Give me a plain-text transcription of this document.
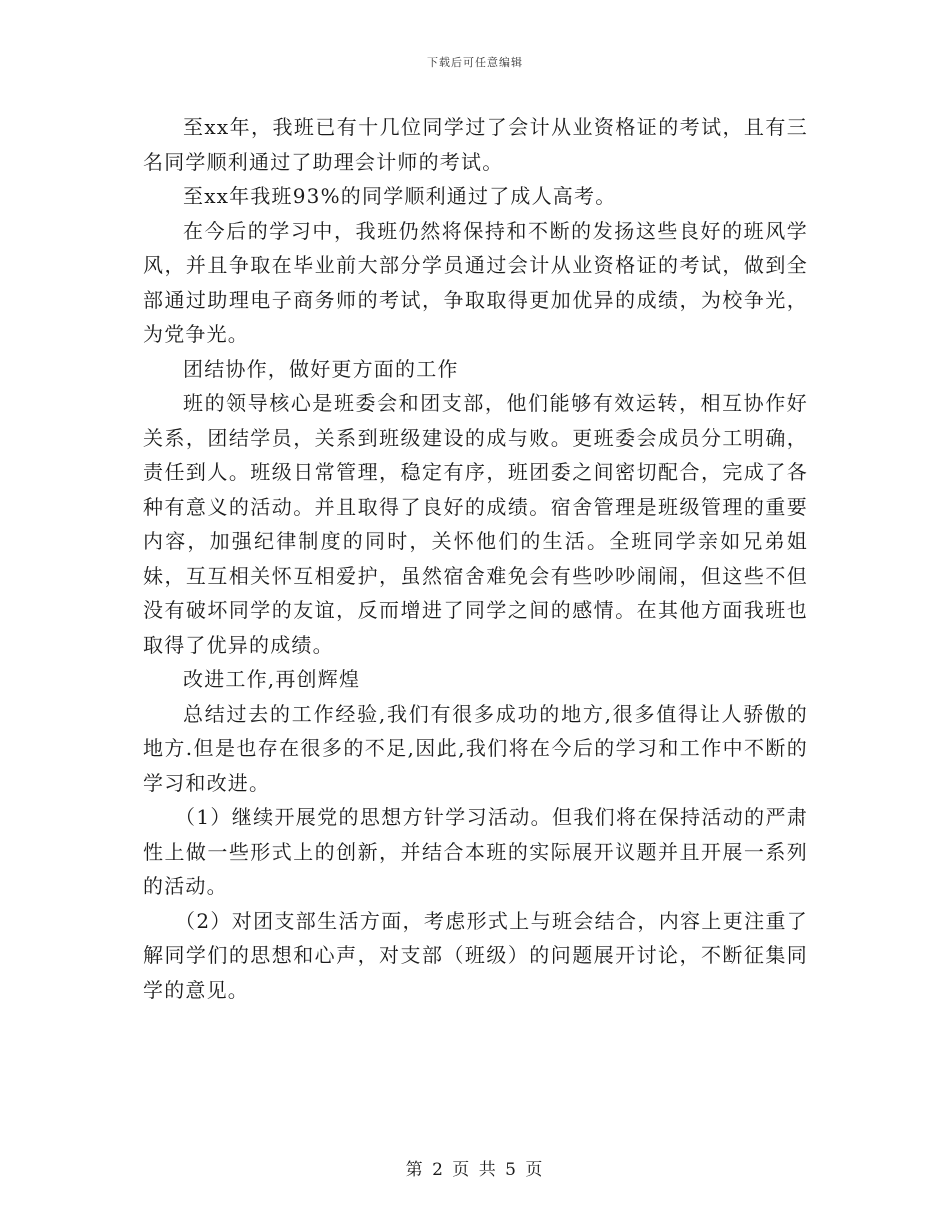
下载后可任意编辑

至xx年，我班已有十几位同学过了会计从业资格证的考试，且有三名同学顺利通过了助理会计师的考试。

至xx年我班93%的同学顺利通过了成人高考。

在今后的学习中，我班仍然将保持和不断的发扬这些良好的班风学风，并且争取在毕业前大部分学员通过会计从业资格证的考试，做到全部通过助理电子商务师的考试，争取取得更加优异的成绩，为校争光，为党争光。

团结协作，做好更方面的工作

班的领导核心是班委会和团支部，他们能够有效运转，相互协作好关系，团结学员，关系到班级建设的成与败。更班委会成员分工明确，责任到人。班级日常管理，稳定有序，班团委之间密切配合，完成了各种有意义的活动。并且取得了良好的成绩。宿舍管理是班级管理的重要内容，加强纪律制度的同时，关怀他们的生活。全班同学亲如兄弟姐妹，互互相关怀互相爱护，虽然宿舍难免会有些吵吵闹闹，但这些不但没有破坏同学的友谊，反而增进了同学之间的感情。在其他方面我班也取得了优异的成绩。

改进工作,再创辉煌

总结过去的工作经验,我们有很多成功的地方,很多值得让人骄傲的地方.但是也存在很多的不足,因此,我们将在今后的学习和工作中不断的学习和改进。

（1）继续开展党的思想方针学习活动。但我们将在保持活动的严肃性上做一些形式上的创新，并结合本班的实际展开议题并且开展一系列的活动。

（2）对团支部生活方面，考虑形式上与班会结合，内容上更注重了解同学们的思想和心声，对支部（班级）的问题展开讨论，不断征集同学的意见。

第 2 页 共 5 页
